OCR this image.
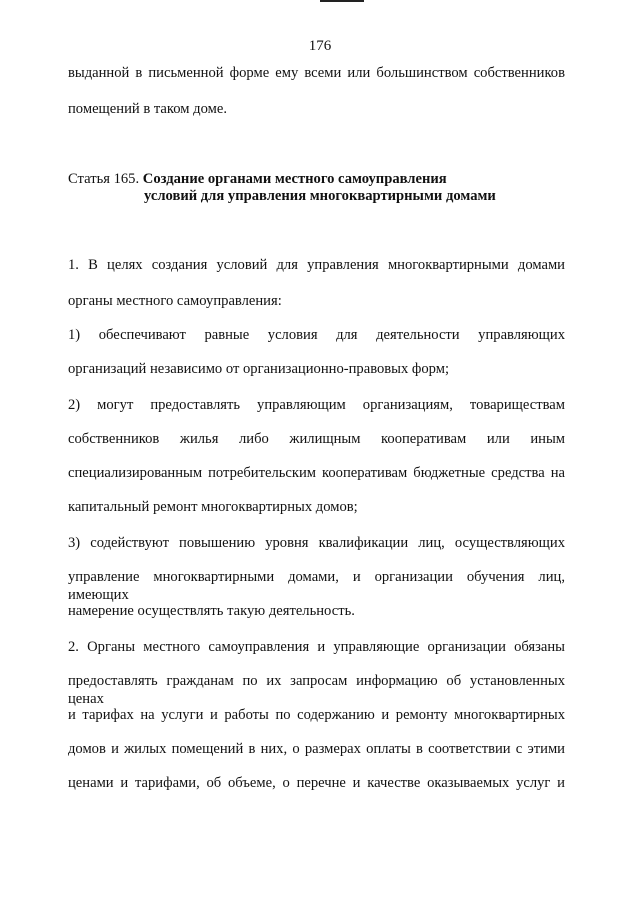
176
выданной в письменной форме ему всеми или большинством собственников
помещений в таком доме.
Статья 165. Создание органами местного самоуправления
условий для управления многоквартирными домами
1. В целях создания условий для управления многоквартирными домами
органы местного самоуправления:
1) обеспечивают равные условия для деятельности управляющих
организаций независимо от организационно-правовых форм;
2) могут предоставлять управляющим организациям, товариществам
собственников жилья либо жилищным кооперативам или иным
специализированным потребительским кооперативам бюджетные средства на
капитальный ремонт многоквартирных домов;
3) содействуют повышению уровня квалификации лиц, осуществляющих
управление многоквартирными домами, и организации обучения лиц, имеющих
намерение осуществлять такую деятельность.
2. Органы местного самоуправления и управляющие организации обязаны
предоставлять гражданам по их запросам информацию об установленных ценах
и тарифах на услуги и работы по содержанию и ремонту многоквартирных
домов и жилых помещений в них, о размерах оплаты в соответствии с этими
ценами и тарифами, об объеме, о перечне и качестве оказываемых услуг и
